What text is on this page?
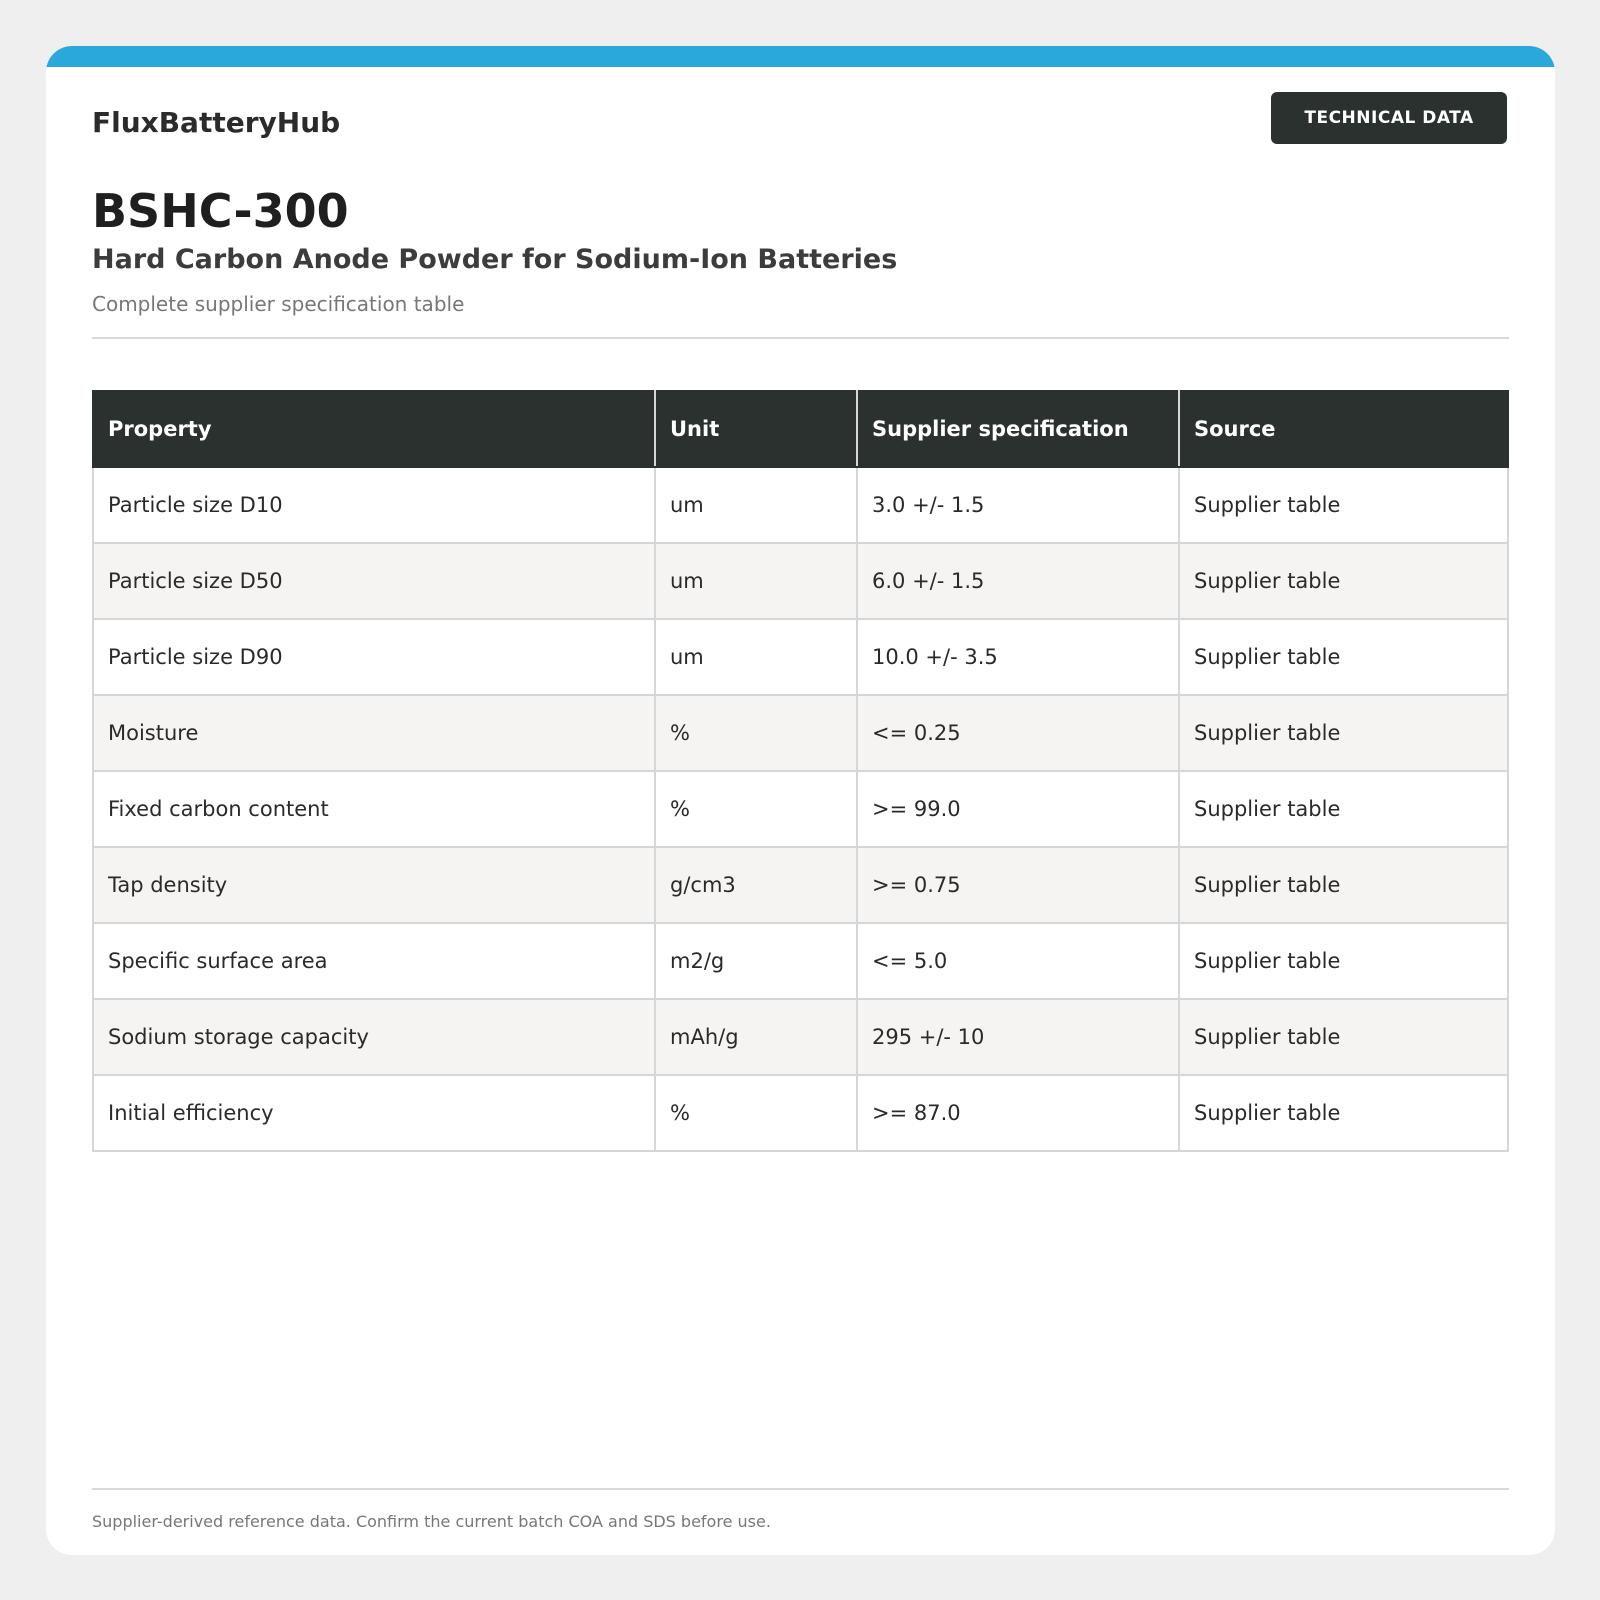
FluxBatteryHub	TECHNICAL DATA
BSHC-300
Hard Carbon Anode Powder for Sodium-Ion Batteries
Complete supplier specification table
Property	Unit	Supplier specification	Source
Particle size D10	um	3.0 +/- 1.5	Supplier table
Particle size D50	um	6.0 +/- 1.5	Supplier table
Particle size D90	um	10.0 +/- 3.5	Supplier table
Moisture	%	<= 0.25	Supplier table
Fixed carbon content	%	>= 99.0	Supplier table
Tap density	g/cm3	>= 0.75	Supplier table
Specific surface area	m2/g	<= 5.0	Supplier table
Sodium storage capacity	mAh/g	295 +/- 10	Supplier table
Initial efficiency	%	>= 87.0	Supplier table
Supplier-derived reference data. Confirm the current batch COA and SDS before use.
